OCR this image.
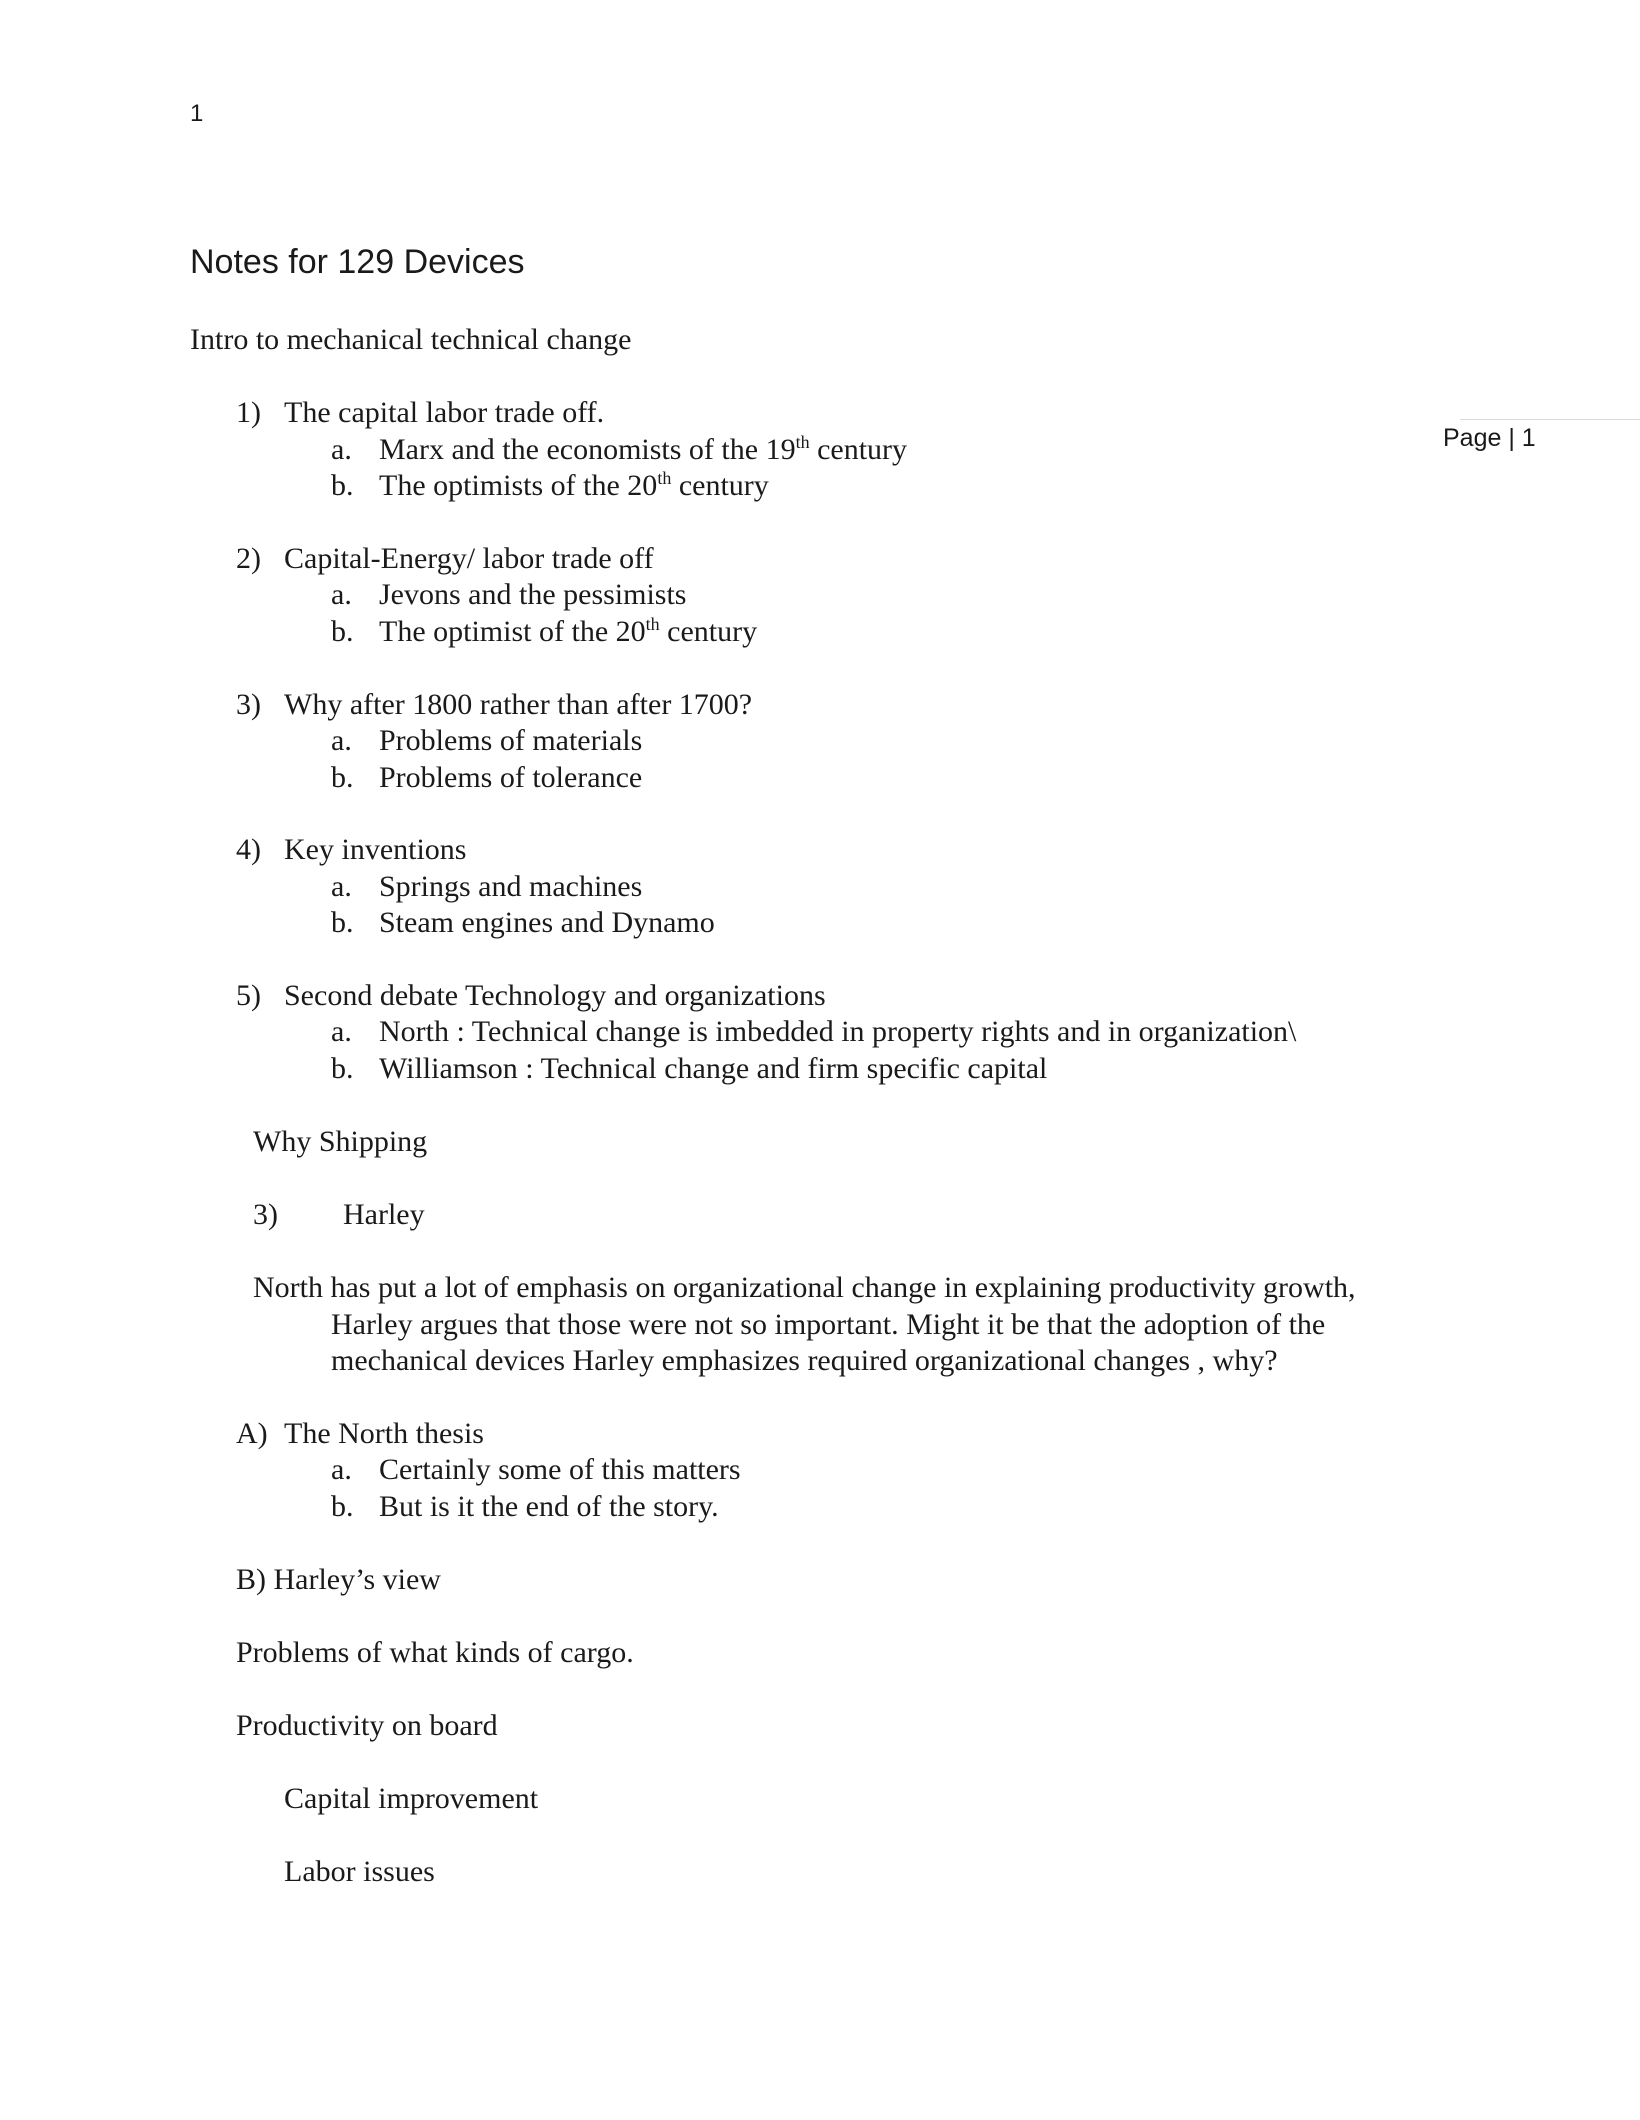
1
Page | 1
Notes for 129 Devices
Intro to mechanical technical change
1) The capital labor trade off.
a. Marx and the economists of the 19th century
b. The optimists of the 20th century
2) Capital-Energy/ labor trade off
a. Jevons and the pessimists
b. The optimist of the 20th century
3) Why after 1800 rather than after 1700?
a. Problems of materials
b. Problems of tolerance
4) Key inventions
a. Springs and machines
b. Steam engines and Dynamo
5) Second debate Technology and organizations
a. North : Technical change is imbedded in property rights and in organization\
b. Williamson : Technical change and firm specific capital
Why Shipping
3) Harley
North has put a lot of emphasis on organizational change in explaining productivity growth,
Harley argues that those were not so important. Might it be that the adoption of the
mechanical devices Harley emphasizes required organizational changes , why?
A) The North thesis
a. Certainly some of this matters
b. But is it the end of the story.
B) Harley’s view
Problems of what kinds of cargo.
Productivity on board
Capital improvement
Labor issues
